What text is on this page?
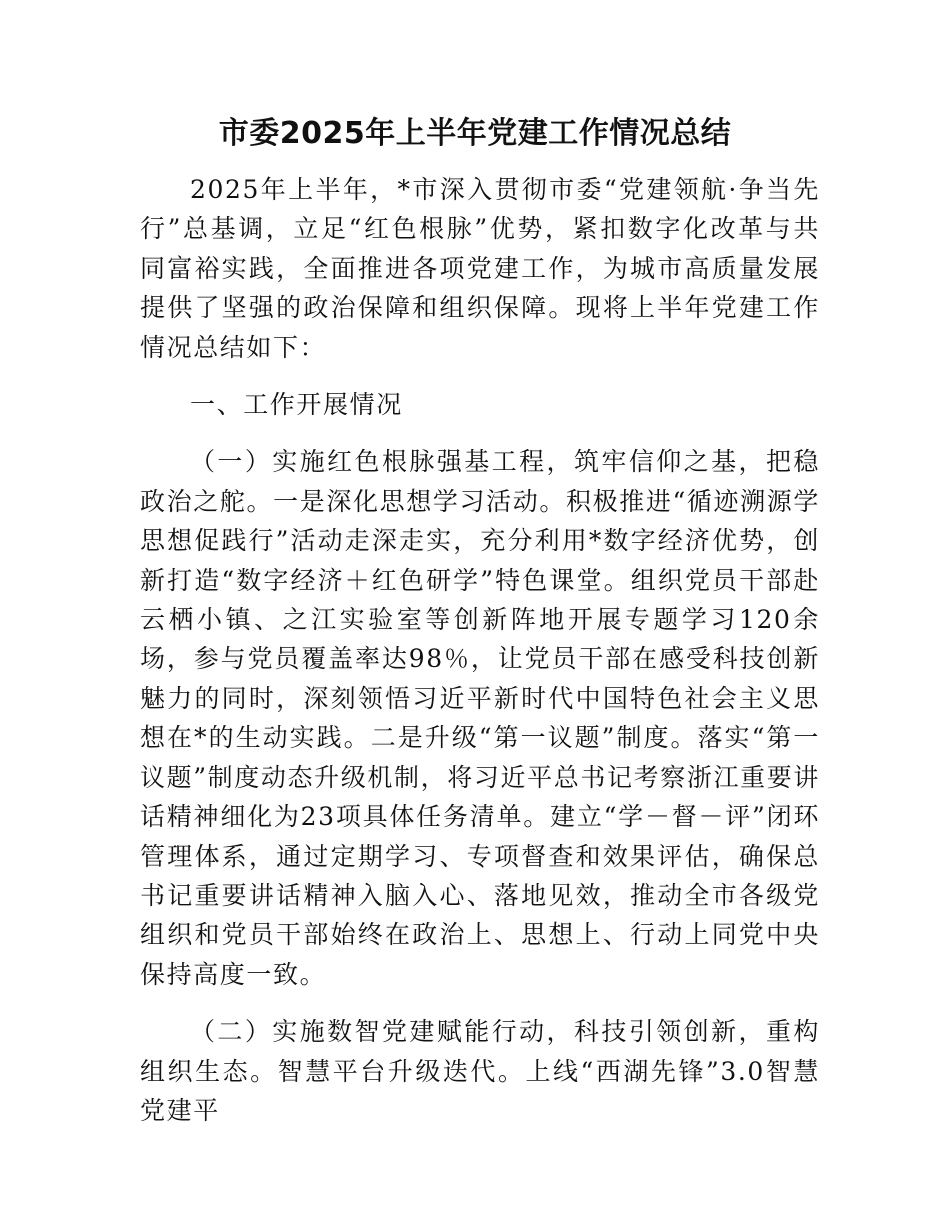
市委2025年上半年党建工作情况总结

2025年上半年，*市深入贯彻市委“党建领航·争当先行”总基调，立足“红色根脉”优势，紧扣数字化改革与共同富裕实践，全面推进各项党建工作，为城市高质量发展提供了坚强的政治保障和组织保障。现将上半年党建工作情况总结如下：

一、工作开展情况

（一）实施红色根脉强基工程，筑牢信仰之基，把稳政治之舵。一是深化思想学习活动。积极推进“循迹溯源学思想促践行”活动走深走实，充分利用*数字经济优势，创新打造“数字经济＋红色研学”特色课堂。组织党员干部赴云栖小镇、之江实验室等创新阵地开展专题学习120余场，参与党员覆盖率达98％，让党员干部在感受科技创新魅力的同时，深刻领悟习近平新时代中国特色社会主义思想在*的生动实践。二是升级“第一议题”制度。落实“第一议题”制度动态升级机制，将习近平总书记考察浙江重要讲话精神细化为23项具体任务清单。建立“学－督－评”闭环管理体系，通过定期学习、专项督查和效果评估，确保总书记重要讲话精神入脑入心、落地见效，推动全市各级党组织和党员干部始终在政治上、思想上、行动上同党中央保持高度一致。

（二）实施数智党建赋能行动，科技引领创新，重构组织生态。智慧平台升级迭代。上线“西湖先锋”3.0智慧党建平
